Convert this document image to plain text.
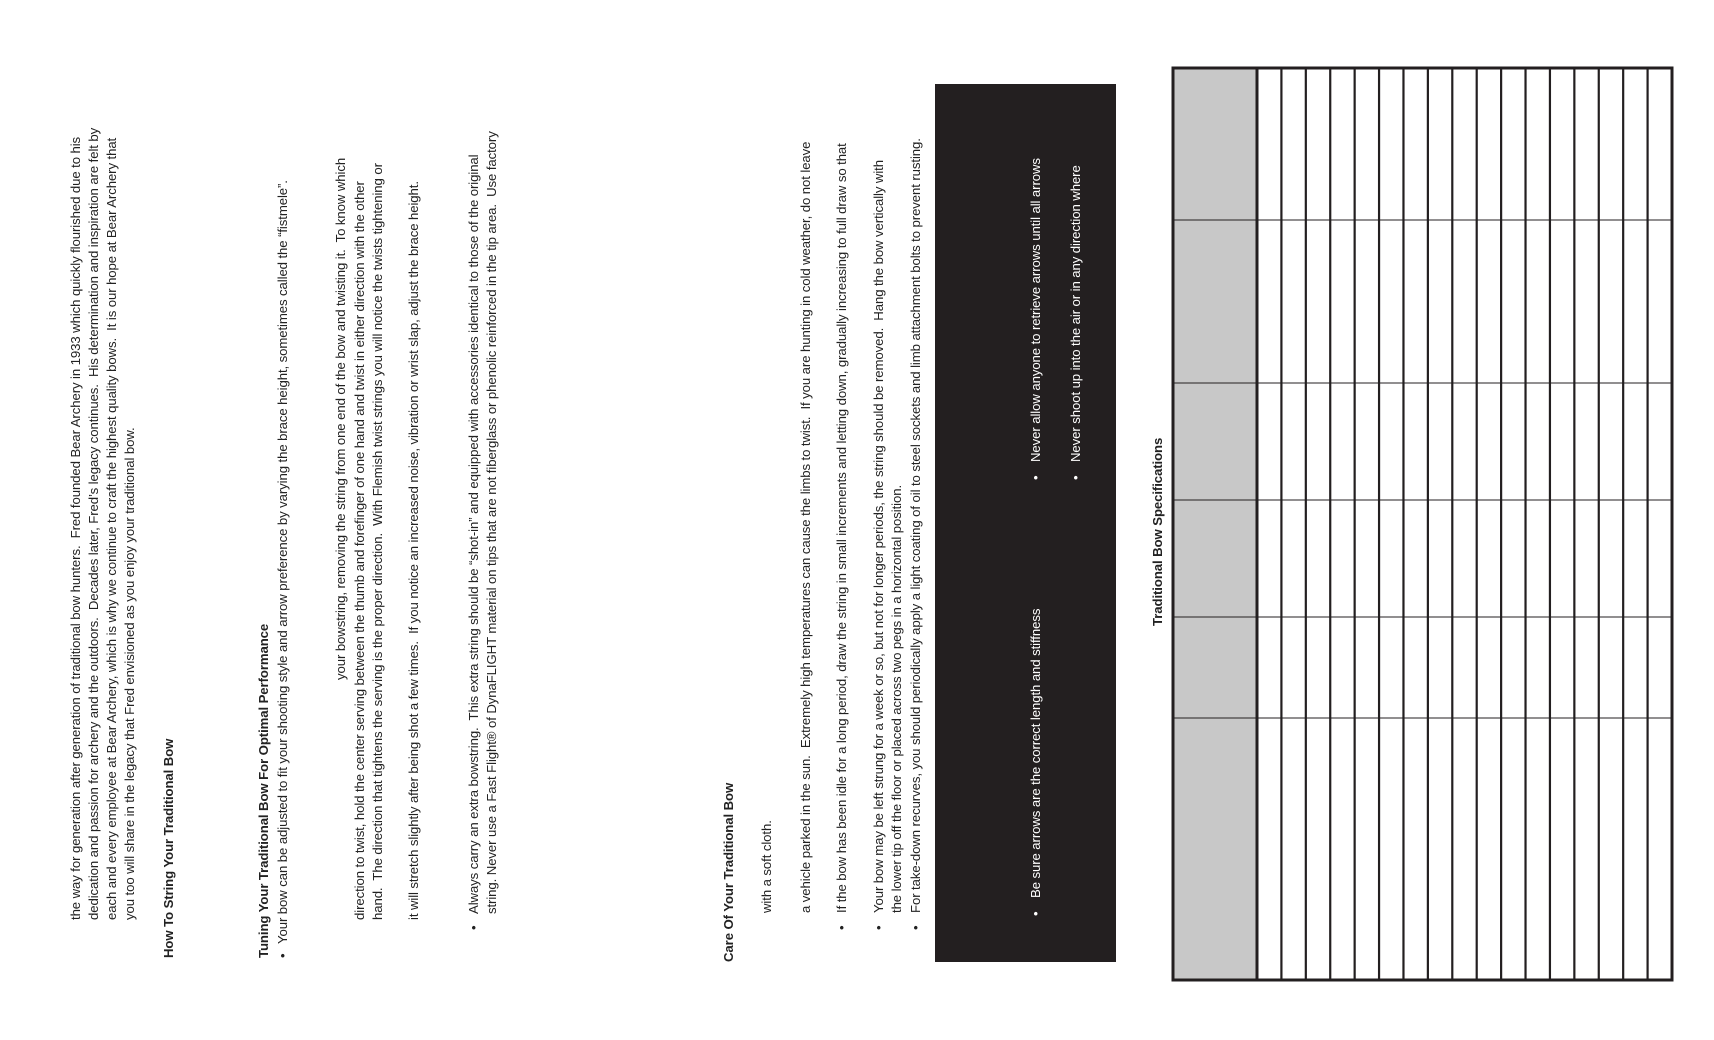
the way for generation after generation of traditional bow hunters.  Fred founded Bear Archery in 1933 which quickly flourished due to his dedication and passion for archery and the outdoors.  Decades later, Fred’s legacy continues.  His determination and inspiration are felt by each and every employee at Bear Archery, which is why we continue to craft the highest quality bows.  It is our hope at Bear Archery that you too will share in the legacy that Fred envisioned as you enjoy your traditional bow. How To String Your Traditional Bow	Tuning Your Traditional Bow For Optimal Performance •
Your bow can be adjusted to fit your shooting style and arrow preference by varying the brace height, sometimes called the “fistmele”.	your bowstring, removing the string from one end of the bow and twisting it.  To know which direction to twist, hold the center serving between the thumb and forefinger of one hand and twist in either direction with the other hand.  The direction that tightens the serving is the proper direction.  With Flemish twist strings you will notice the twists tightening or it will stretch slightly after being shot a few times.  If you notice an increased noise, vibration or wrist slap, adjust the brace height.
•
Always carry an extra bowstring.  This extra string should be “shot-in” and equipped with accessories identical to those of the original string. Never use a Fast Flight® of DynaFLIGHT material on tips that are not fiberglass or phenolic reinforced in the tip area.  Use factory	Care Of Your Traditional Bow with a soft cloth. a vehicle parked in the sun.  Extremely high temperatures can cause the limbs to twist.  If you are hunting in cold weather, do not leave
•
If the bow has been idle for a long period, draw the string in small increments and letting down, gradually increasing to full draw so that
•
Your bow may be left strung for a week or so, but not for longer periods, the string should be removed.  Hang the bow vertically with the lower tip off the floor or placed across two pegs in a horizontal position.
•
For take-down recurves, you should periodically apply a light coating of oil to steel sockets and limb attachment bolts to prevent rusting.
•
Be sure arrows are the correct length and stiffness
•
Never allow anyone to retrieve arrows until all arrows
•
Never shoot up into the air or in any direction where
Traditional Bow Specifications
